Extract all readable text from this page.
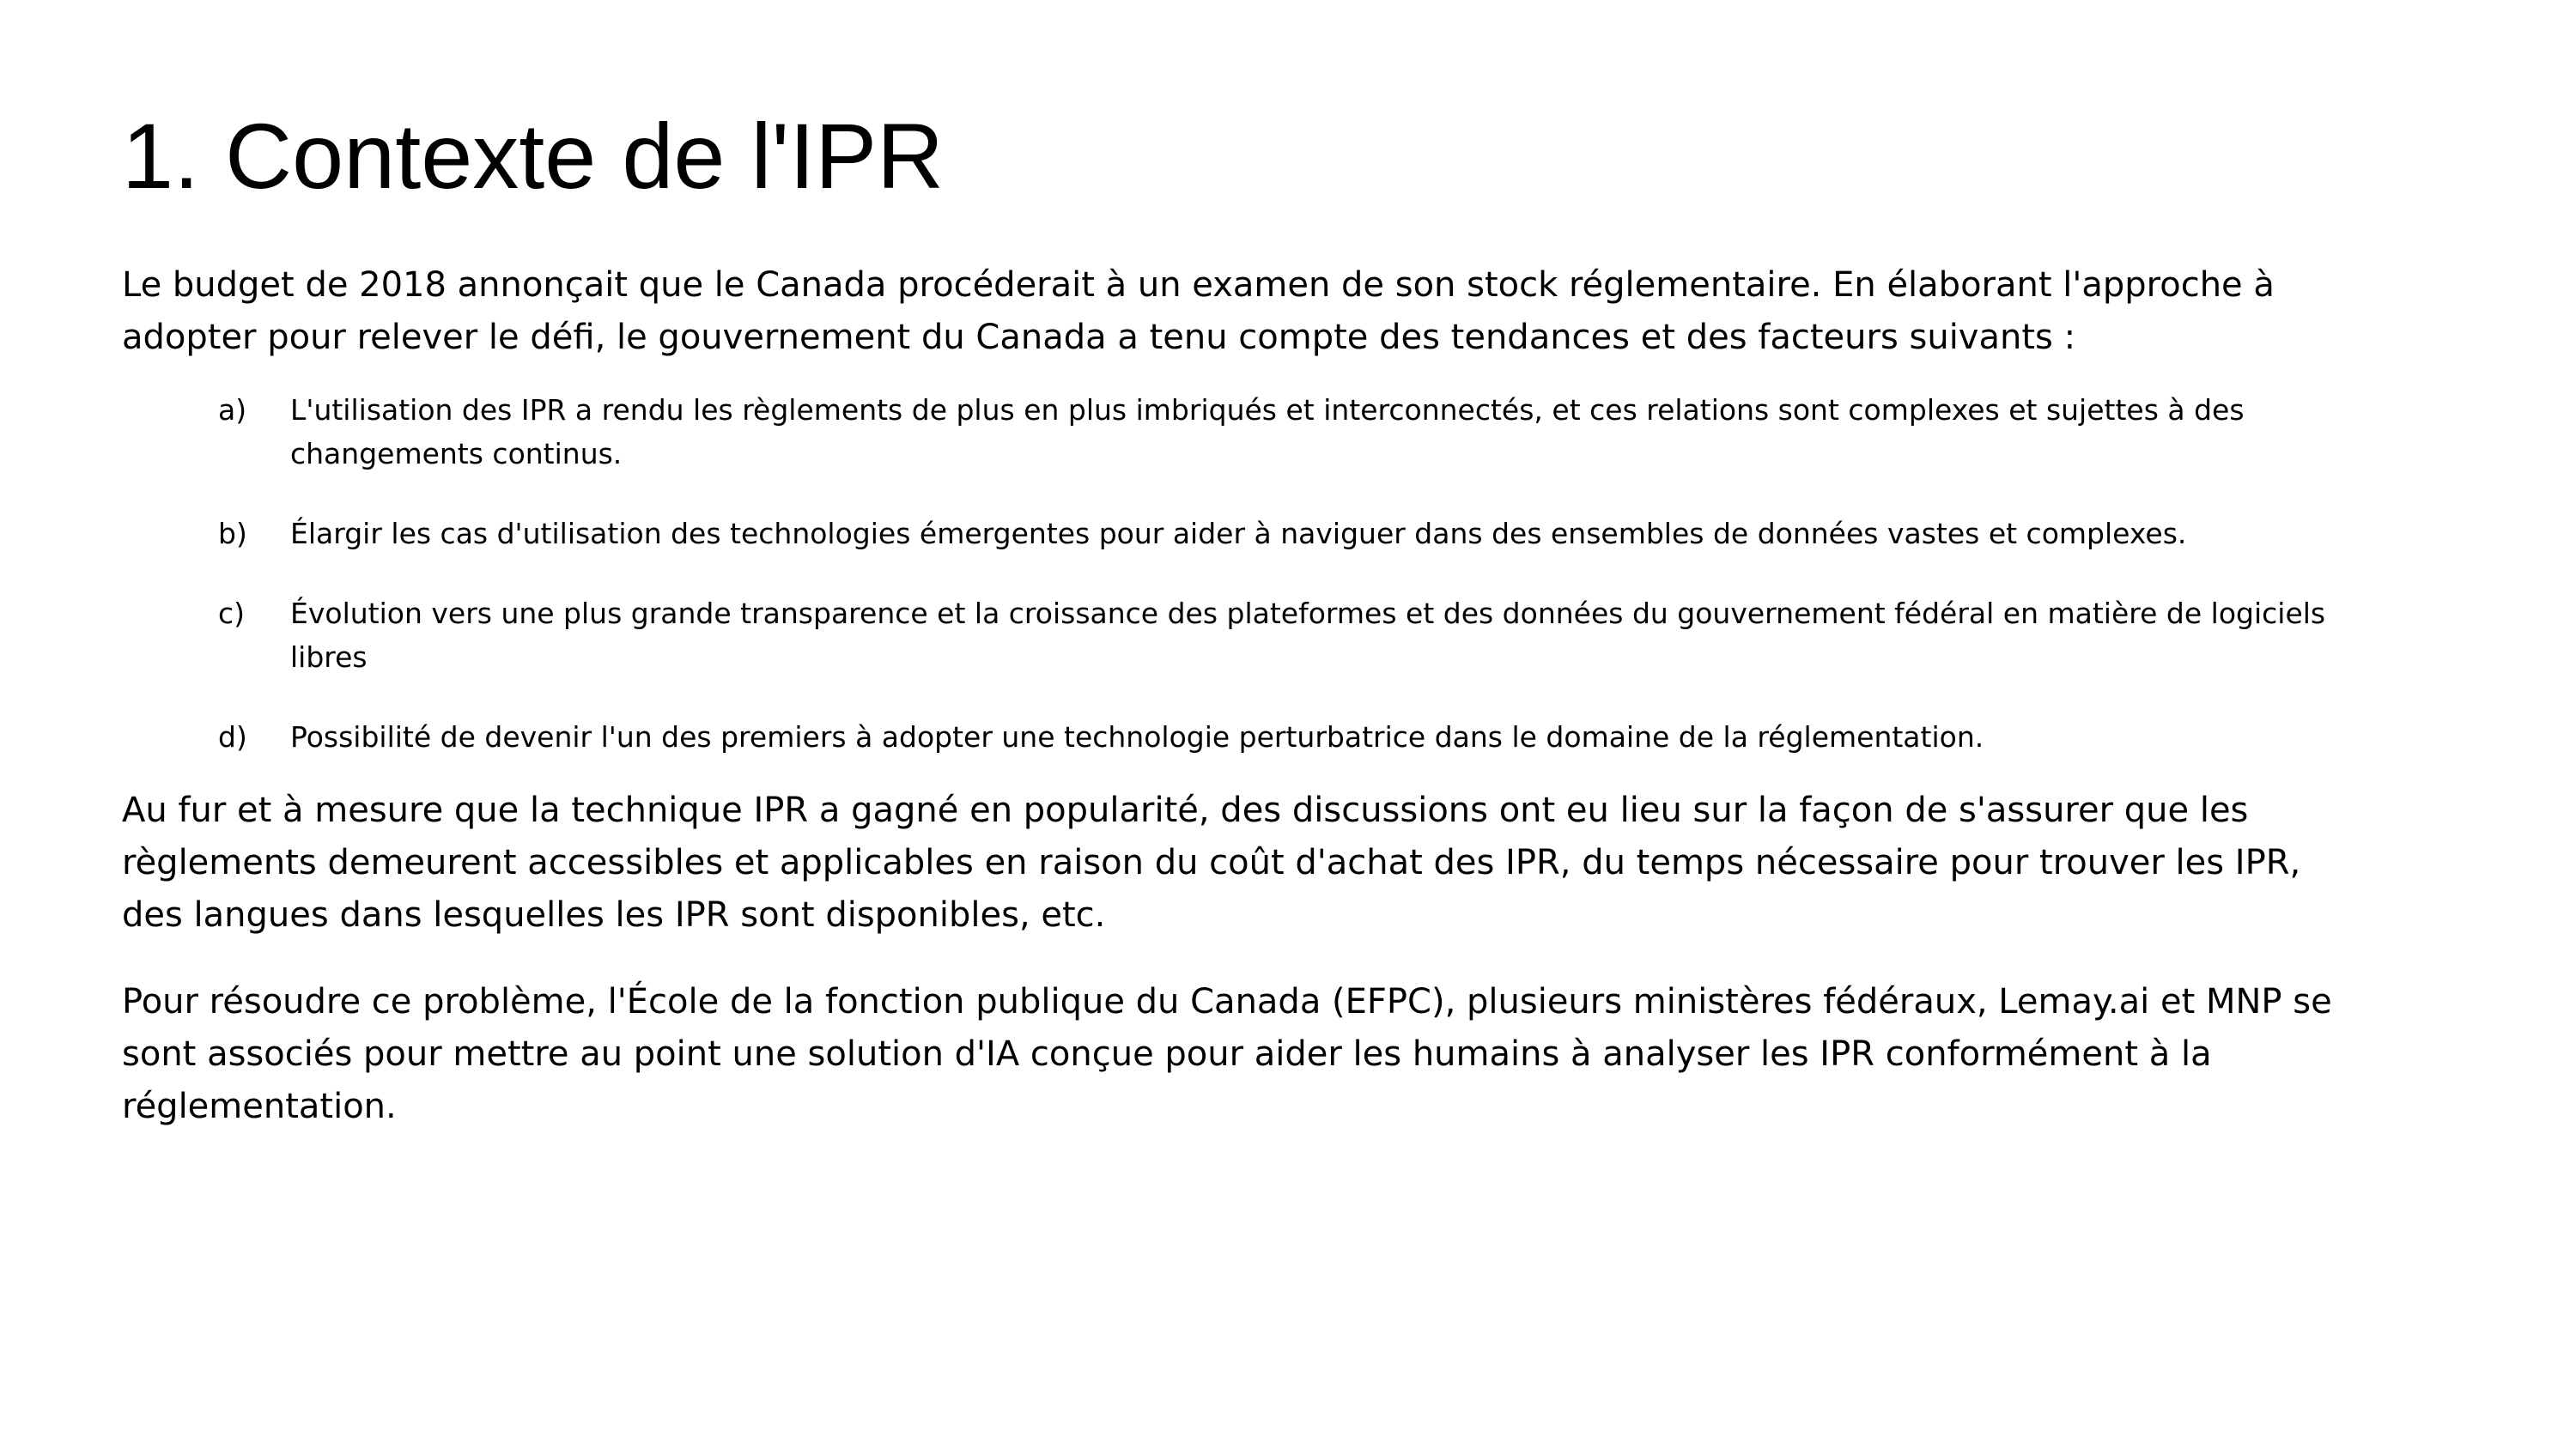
1. Contexte de l'IPR

Le budget de 2018 annonçait que le Canada procéderait à un examen de son stock réglementaire. En élaborant l'approche à adopter pour relever le défi, le gouvernement du Canada a tenu compte des tendances et des facteurs suivants :

a)	L'utilisation des IPR a rendu les règlements de plus en plus imbriqués et interconnectés, et ces relations sont complexes et sujettes à des changements continus.
b)	Élargir les cas d'utilisation des technologies émergentes pour aider à naviguer dans des ensembles de données vastes et complexes.
c)	Évolution vers une plus grande transparence et la croissance des plateformes et des données du gouvernement fédéral en matière de logiciels libres
d)	Possibilité de devenir l'un des premiers à adopter une technologie perturbatrice dans le domaine de la réglementation.

Au fur et à mesure que la technique IPR a gagné en popularité, des discussions ont eu lieu sur la façon de s'assurer que les règlements demeurent accessibles et applicables en raison du coût d'achat des IPR, du temps nécessaire pour trouver les IPR, des langues dans lesquelles les IPR sont disponibles, etc.

Pour résoudre ce problème, l'École de la fonction publique du Canada (EFPC), plusieurs ministères fédéraux, Lemay.ai et MNP se sont associés pour mettre au point une solution d'IA conçue pour aider les humains à analyser les IPR conformément à la réglementation.
